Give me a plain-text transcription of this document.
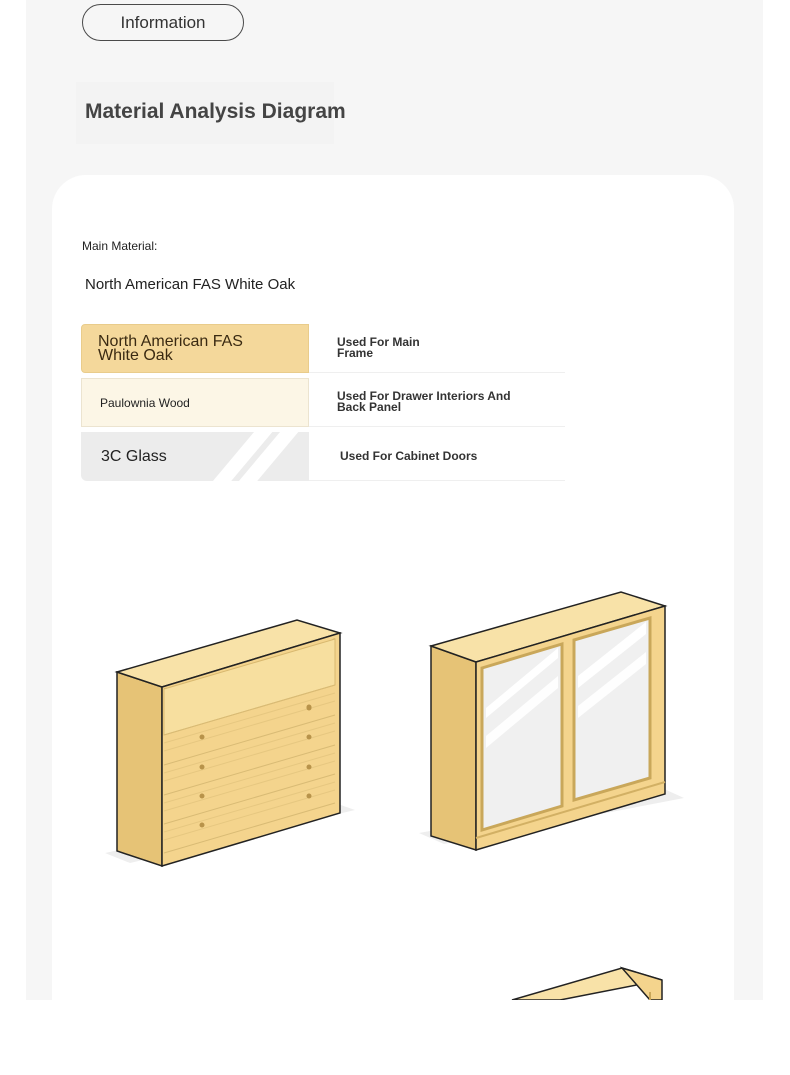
Information
Material Analysis Diagram
Main Material:
North American FAS White Oak
North American FAS White Oak
Used For Main Frame
Paulownia Wood	Used For Drawer Interiors And Back Panel
3C Glass	Used For Cabinet Doors
